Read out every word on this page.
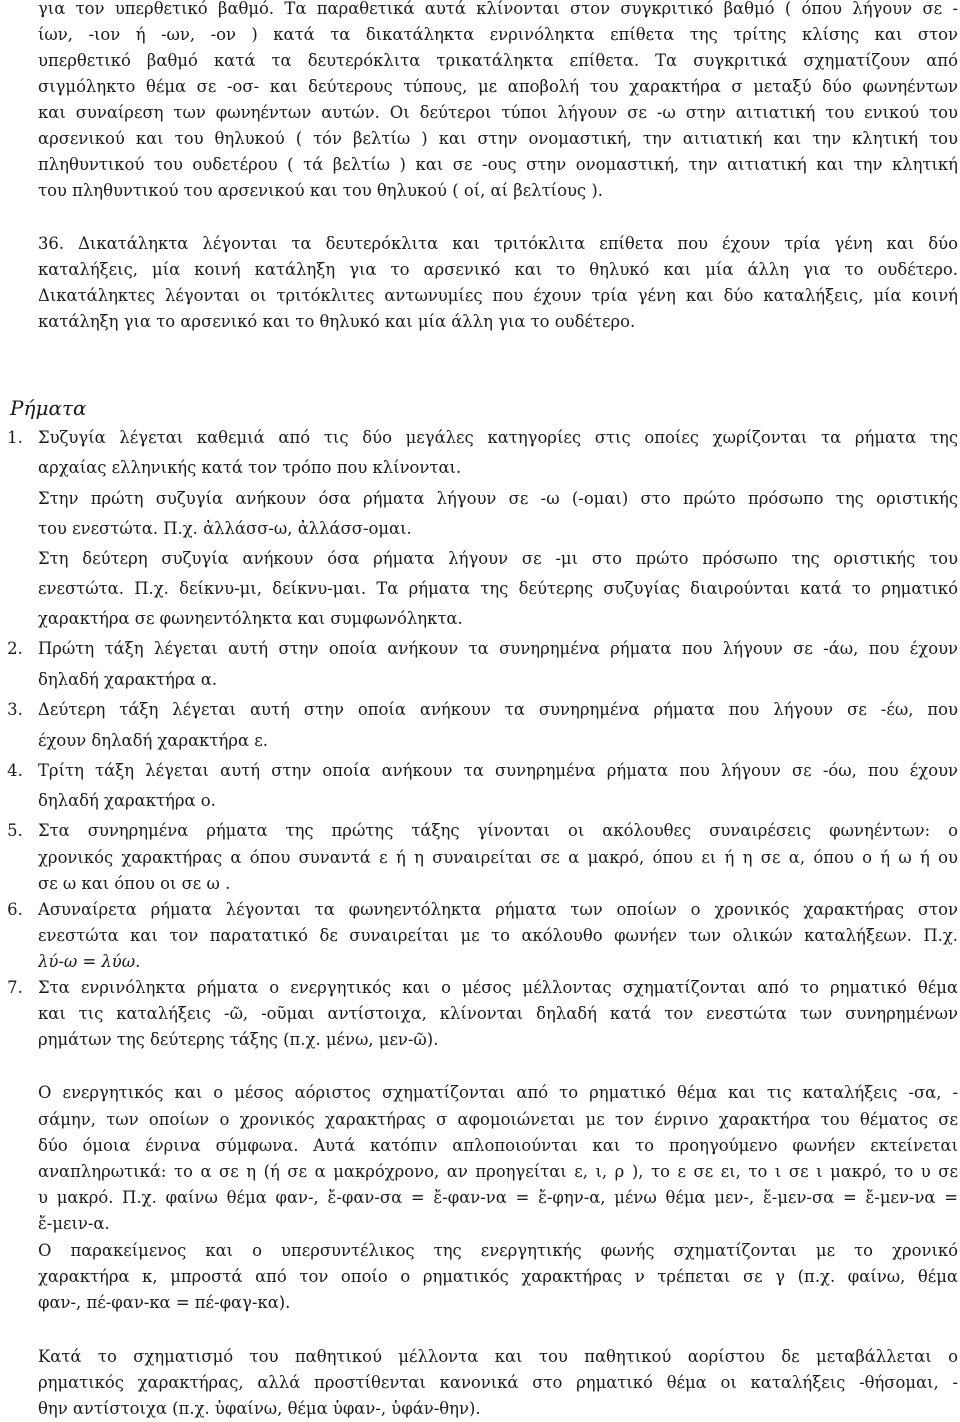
για τον υπερθετικό βαθμό. Τα παραθετικά αυτά κλίνονται στον συγκριτικό βαθμό ( όπου λήγουν σε -
ίων, -ιον ή -ων, -ον ) κατά τα δικατάληκτα ενρινόληκτα επίθετα της τρίτης κλίσης και στον
υπερθετικό βαθμό κατά τα δευτερόκλιτα τρικατάληκτα επίθετα. Τα συγκριτικά σχηματίζουν από
σιγμόληκτο θέμα σε -οσ- και δεύτερους τύπους, με αποβολή του χαρακτήρα σ μεταξύ δύο φωνηέντων
και συναίρεση των φωνηέντων αυτών. Οι δεύτεροι τύποι λήγουν σε -ω στην αιτιατική του ενικού του
αρσενικού και του θηλυκού ( τόν βελτίω ) και στην ονομαστική, την αιτιατική και την κλητική του
πληθυντικού του ουδετέρου ( τά βελτίω ) και σε -ους στην ονομαστική, την αιτιατική και την κλητική
του πληθυντικού του αρσενικού και του θηλυκού ( οί, αί βελτίους ).
36. Δικατάληκτα λέγονται τα δευτερόκλιτα και τριτόκλιτα επίθετα που έχουν τρία γένη και δύο
καταλήξεις, μία κοινή κατάληξη για το αρσενικό και το θηλυκό και μία άλλη για το ουδέτερο.
Δικατάληκτες λέγονται οι τριτόκλιτες αντωνυμίες που έχουν τρία γένη και δύο καταλήξεις, μία κοινή
κατάληξη για το αρσενικό και το θηλυκό και μία άλλη για το ουδέτερο.
Ρήματα
1.
2.
3.
4.
5.
6.
7.
Συζυγία λέγεται καθεμιά από τις δύο μεγάλες κατηγορίες στις οποίες χωρίζονται τα ρήματα της
αρχαίας ελληνικής κατά τον τρόπο που κλίνονται.
Στην πρώτη συζυγία ανήκουν όσα ρήματα λήγουν σε -ω (-ομαι) στο πρώτο πρόσωπο της οριστικής
του ενεστώτα. Π.χ. ἀλλάσσ-ω, ἀλλάσσ-ομαι.
Στη δεύτερη συζυγία ανήκουν όσα ρήματα λήγουν σε -μι στο πρώτο πρόσωπο της οριστικής του
ενεστώτα. Π.χ. δείκνυ-μι, δείκνυ-μαι. Τα ρήματα της δεύτερης συζυγίας διαιρούνται κατά το ρηματικό
χαρακτήρα σε φωνηεντόληκτα και συμφωνόληκτα.
Πρώτη τάξη λέγεται αυτή στην οποία ανήκουν τα συνηρημένα ρήματα που λήγουν σε -άω, που έχουν
δηλαδή χαρακτήρα α.
Δεύτερη τάξη λέγεται αυτή στην οποία ανήκουν τα συνηρημένα ρήματα που λήγουν σε -έω, που
έχουν δηλαδή χαρακτήρα ε.
Τρίτη τάξη λέγεται αυτή στην οποία ανήκουν τα συνηρημένα ρήματα που λήγουν σε -όω, που έχουν
δηλαδή χαρακτήρα ο.
Στα συνηρημένα ρήματα της πρώτης τάξης γίνονται οι ακόλουθες συναιρέσεις φωνηέντων: ο
χρονικός χαρακτήρας α όπου συναντά ε ή η συναιρείται σε α μακρό, όπου ει ή η σε α, όπου ο ή ω ή ου
σε ω και όπου οι σε ω .
Ασυναίρετα ρήματα λέγονται τα φωνηεντόληκτα ρήματα των οποίων ο χρονικός χαρακτήρας στον
ενεστώτα και τον παρατατικό δε συναιρείται με το ακόλουθο φωνήεν των ολικών καταλήξεων. Π.χ.
λύ-ω = λύω.
Στα ενρινόληκτα ρήματα ο ενεργητικός και ο μέσος μέλλοντας σχηματίζονται από το ρηματικό θέμα
και τις καταλήξεις -ῶ, -οῦμαι αντίστοιχα, κλίνονται δηλαδή κατά τον ενεστώτα των συνηρημένων
ρημάτων της δεύτερης τάξης (π.χ. μένω, μεν-ῶ).
Ο ενεργητικός και ο μέσος αόριστος σχηματίζονται από το ρηματικό θέμα και τις καταλήξεις -σα, -
σάμην, των οποίων ο χρονικός χαρακτήρας σ αφομοιώνεται με τον ένρινο χαρακτήρα του θέματος σε
δύο όμοια ένρινα σύμφωνα. Αυτά κατόπιν απλοποιούνται και το προηγούμενο φωνήεν εκτείνεται
αναπληρωτικά: το α σε η (ή σε α μακρόχρονο, αν προηγείται ε, ι, ρ ), το ε σε ει, το ι σε ι μακρό, το υ σε
υ μακρό. Π.χ. φαίνω θέμα φαν-, ἔ-φαν-σα = ἔ-φαν-να = ἔ-φην-α, μένω θέμα μεν-, ἔ-μεν-σα = ἔ-μεν-να =
ἔ-μειν-α.
Ο παρακείμενος και ο υπερσυντέλικος της ενεργητικής φωνής σχηματίζονται με το χρονικό
χαρακτήρα κ, μπροστά από τον οποίο ο ρηματικός χαρακτήρας ν τρέπεται σε γ (π.χ. φαίνω, θέμα
φαν-, πέ-φαν-κα = πέ-φαγ-κα).
Κατά το σχηματισμό του παθητικού μέλλοντα και του παθητικού αορίστου δε μεταβάλλεται ο
ρηματικός χαρακτήρας, αλλά προστίθενται κανονικά στο ρηματικό θέμα οι καταλήξεις -θήσομαι, -
θην αντίστοιχα (π.χ. ὑφαίνω, θέμα ὑφαν-, ὑφάν-θην).
